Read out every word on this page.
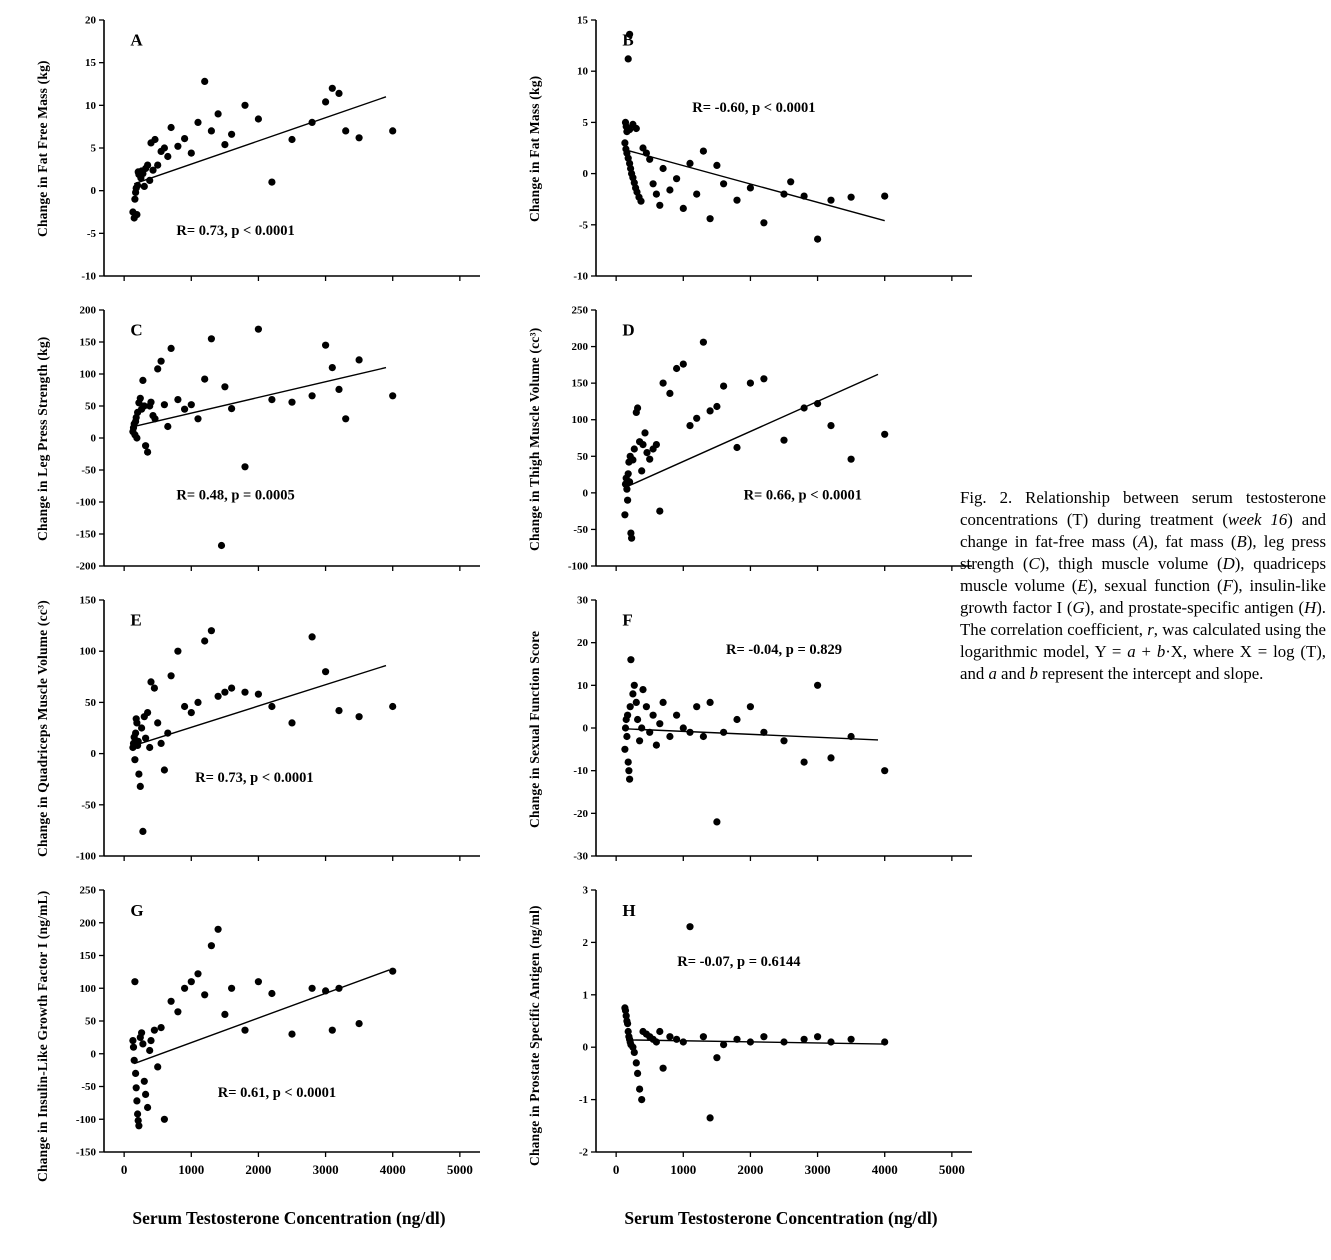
Change in Fat Free Mass (kg)
20
15
10
5
0
-5
-10
A
R= 0.73, p < 0.0001
Change in Fat Mass (kg)
15
10
5
0
-5
-10
B
R= -0.60, p < 0.0001
Change in Leg Press Strength (kg)
200
150
100
50
0
-50
-100
-150
-200
C
R= 0.48, p = 0.0005	Change in Thigh Muscle Volume (cc³)
250
200
150
100
50
0
-50
-100
D
R= 0.66, p < 0.0001
Change in Quadriceps Muscle Volume (cc³)
150
100
50
0
-50
-100
E
R= 0.73, p < 0.0001	Change in Sexual Function Score
30
20
10
0
-10
-20
-30
F
R= -0.04, p = 0.829
Change in Insulin-Like Growth Factor I (ng/mL)	250
200
150
100
50
0
-50
-100
-150
0	1000	2000	3000	4000	5000
G
R= 0.61, p < 0.0001	Change in Prostate Specific Antigen (ng/ml)
3
2
1
0
-1
-2
0	1000	2000	3000	4000	5000
H
R= -0.07, p = 0.6144
Serum Testosterone Concentration (ng/dl)	Serum Testosterone Concentration (ng/dl)
Fig. 2. Relationship between serum testosterone concentrations (T) during treatment (week 16) and change in fat-free mass (A), fat mass (B), leg press strength (C), thigh muscle volume (D), quadriceps muscle volume (E), sexual function (F), insulin-like growth factor I (G), and prostate-specific antigen (H). The correlation coefficient, r, was calculated using the logarithmic model, Y = a + b·X, where X = log (T), and a and b represent the intercept and slope.
